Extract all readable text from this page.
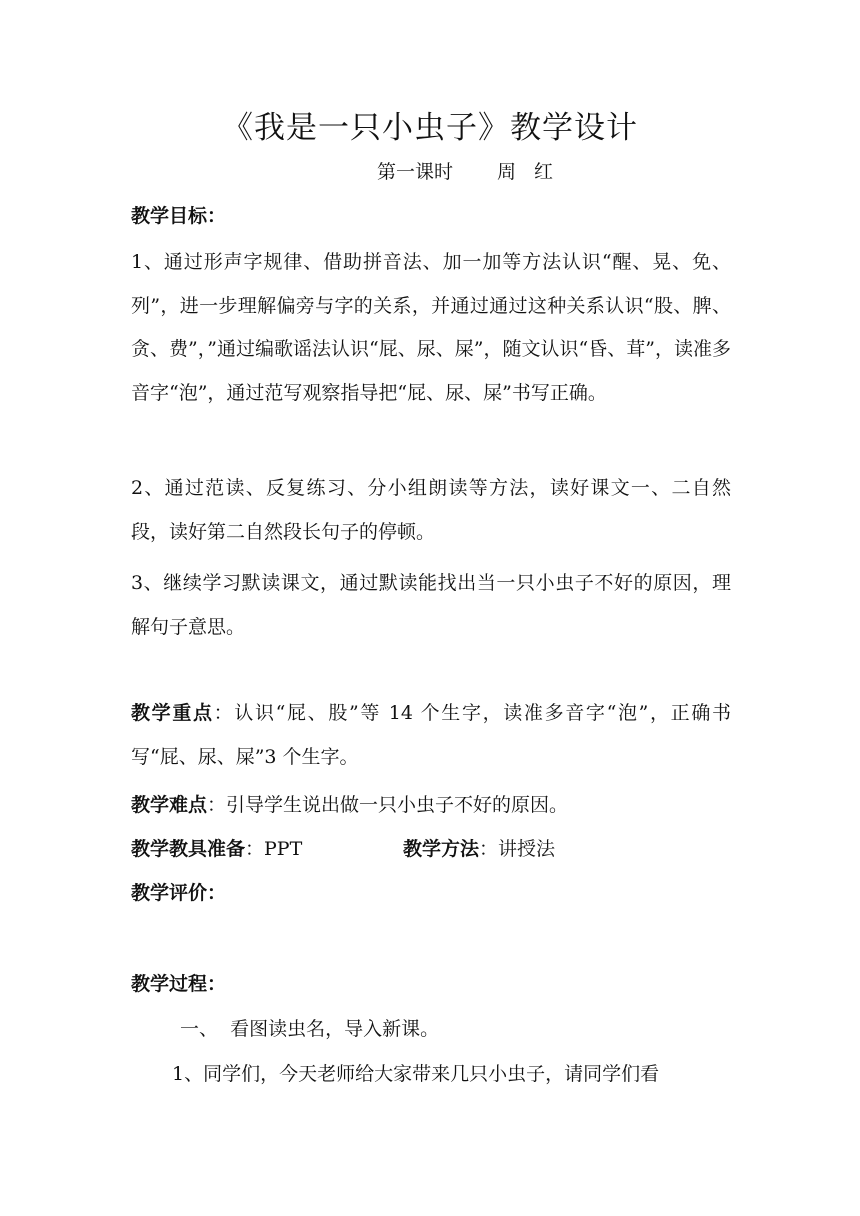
《我是一只小虫子》教学设计
第一课时 周 红
教学目标：
1、通过形声字规律、借助拼音法、加一加等方法认识“醒、晃、免、列”，进一步理解偏旁与字的关系，并通过通过这种关系认识“股、脾、贪、费”，”通过编歌谣法认识“屁、尿、屎”，随文认识“昏、茸”，读准多音字“泡”，通过范写观察指导把“屁、尿、屎”书写正确。
2、通过范读、反复练习、分小组朗读等方法，读好课文一、二自然段，读好第二自然段长句子的停顿。
3、继续学习默读课文，通过默读能找出当一只小虫子不好的原因，理解句子意思。
教学重点：认识“屁、股”等 14 个生字，读准多音字“泡”，正确书写“屁、尿、屎”3 个生字。
教学难点：引导学生说出做一只小虫子不好的原因。
教学教具准备：PPT	教学方法：讲授法
教学评价：
教学过程：
一、  看图读虫名，导入新课。
1、同学们，今天老师给大家带来几只小虫子，请同学们看
